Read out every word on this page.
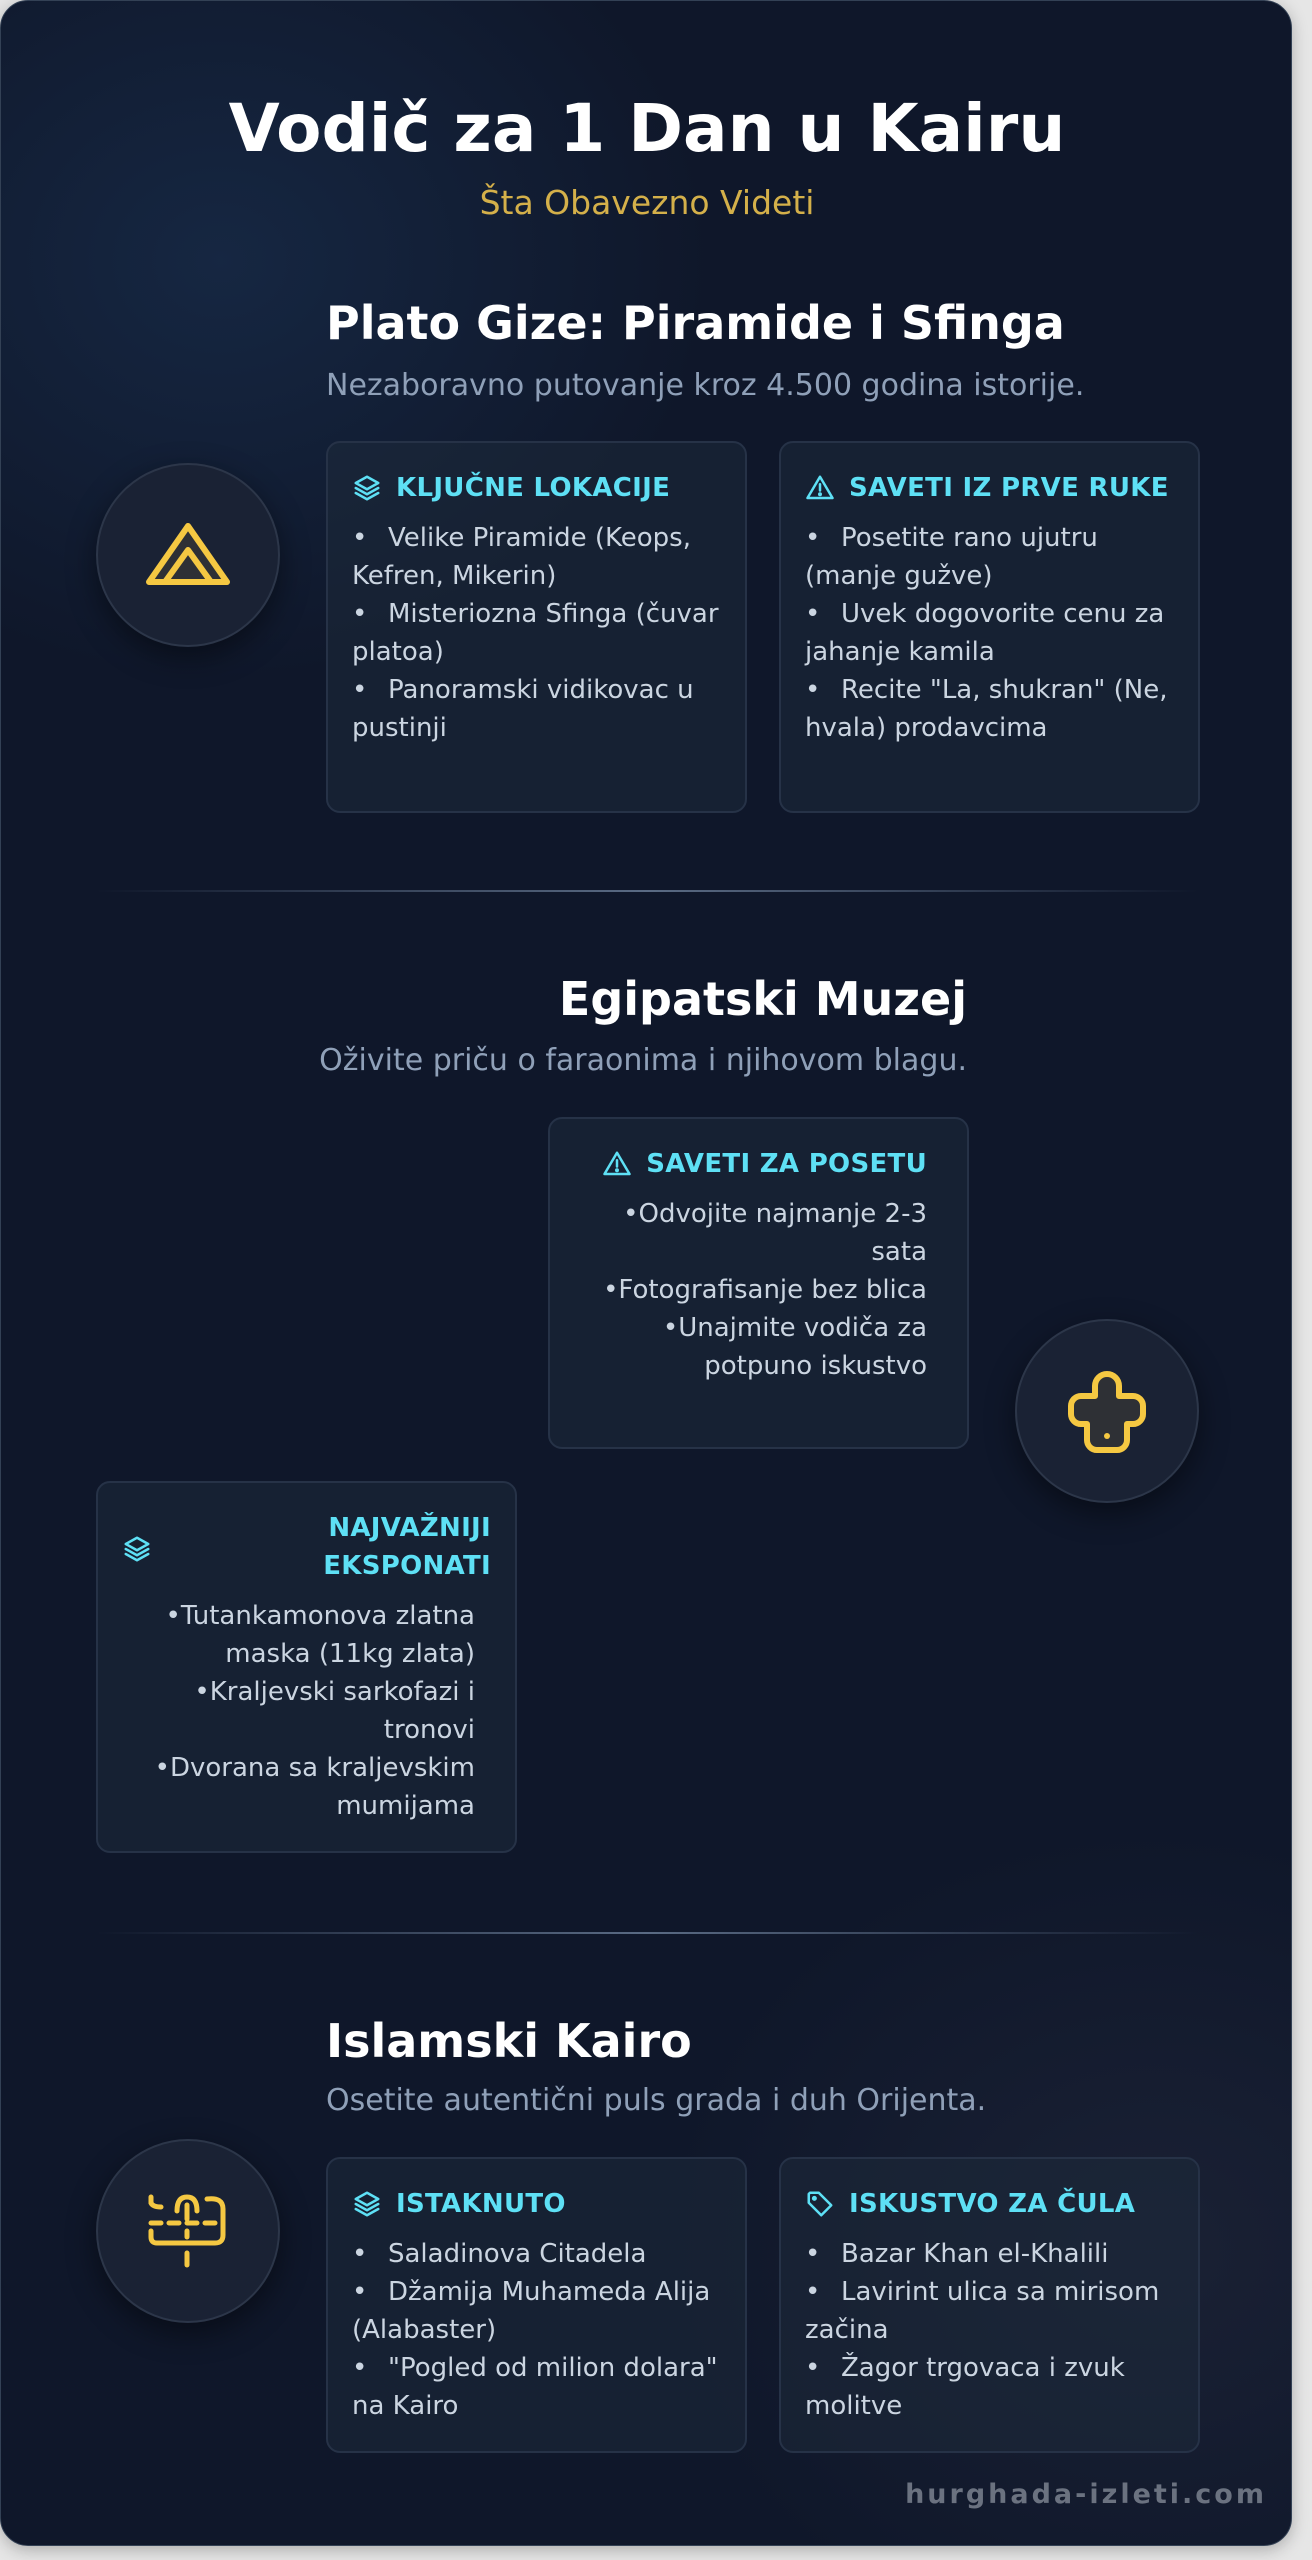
Vodič za 1 Dan u Kairu
Šta Obavezno Videti
Plato Gize: Piramide i Sfinga
Nezaboravno putovanje kroz 4.500 godina istorije.
KLJUČNE LOKACIJE
• Velike Piramide (Keops, Kefren, Mikerin)
• Misteriozna Sfinga (čuvar platoa)
• Panoramski vidikovac u pustinji
SAVETI IZ PRVE RUKE
• Posetite rano ujutru (manje gužve)
• Uvek dogovorite cenu za jahanje kamila
• Recite "La, shukran" (Ne, hvala) prodavcima
Egipatski Muzej
Oživite priču o faraonima i njihovom blagu.
SAVETI ZA POSETU
•Odvojite najmanje 2-3 sata
•Fotografisanje bez blica
•Unajmite vodiča za potpuno iskustvo
NAJVAŽNIJI EKSPONATI
•Tutankamonova zlatna maska (11kg zlata)
•Kraljevski sarkofazi i tronovi
•Dvorana sa kraljevskim mumijama
Islamski Kairo
Osetite autentični puls grada i duh Orijenta.
ISTAKNUTO
• Saladinova Citadela
• Džamija Muhameda Alija (Alabaster)
• "Pogled od milion dolara" na Kairo
ISKUSTVO ZA ČULA
• Bazar Khan el-Khalili
• Lavirint ulica sa mirisom začina
• Žagor trgovaca i zvuk molitve
hurghada-izleti.com
